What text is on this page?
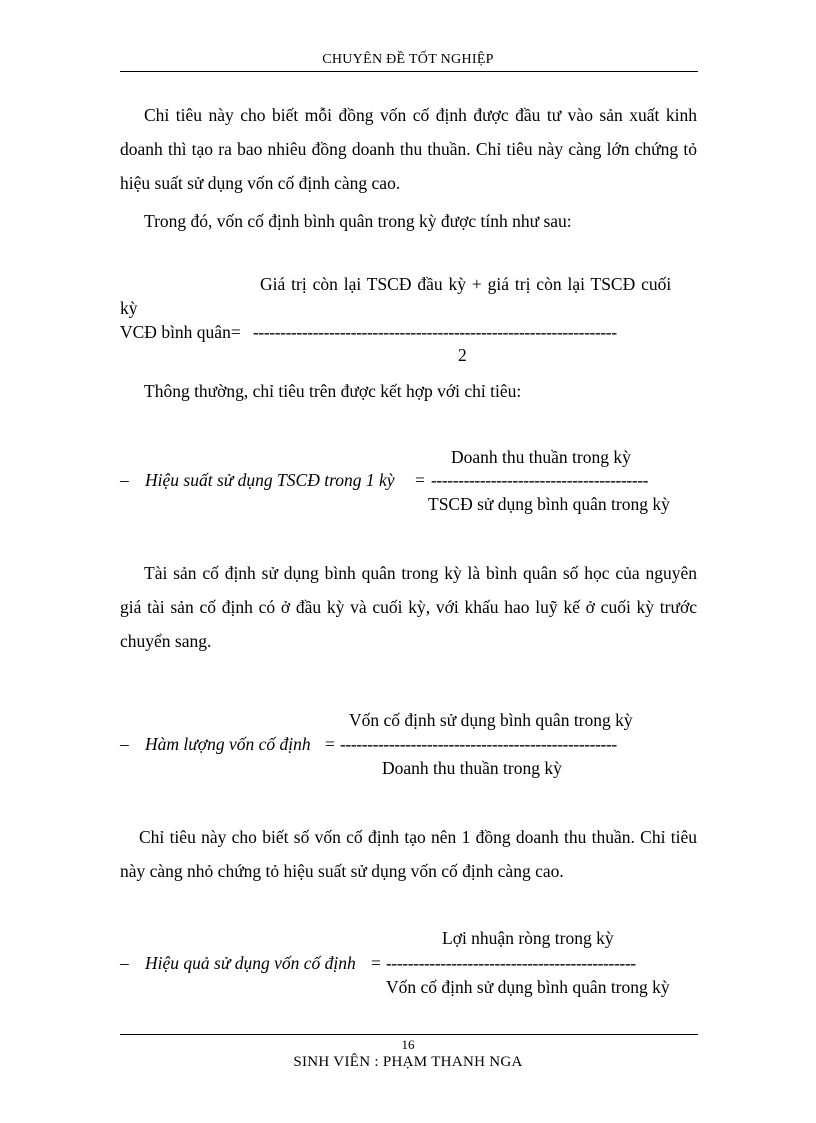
CHUYÊN ĐỀ TỐT NGHIỆP
Chỉ tiêu này cho biết mỗi đồng vốn cố định được đầu tư vào sản xuất kinh doanh thì tạo ra bao nhiêu đồng doanh thu thuần. Chỉ tiêu này càng lớn chứng tỏ hiệu suất sử dụng vốn cố định càng cao.
Trong đó, vốn cố định bình quân trong kỳ được tính như sau:
Giá trị còn lại TSCĐ đầu kỳ + giá trị còn lại TSCĐ cuối
kỳ
VCĐ bình quân= -------------------------------------------------------------------
2
Thông thường, chỉ tiêu trên được kết hợp với chỉ tiêu:
Doanh thu thuần trong kỳ
– Hiệu suất sử dụng TSCĐ trong 1 kỳ = ----------------------------------------
TSCĐ sử dụng bình quân trong kỳ
Tài sản cố định sử dụng bình quân trong kỳ là bình quân số học của nguyên giá tài sản cố định có ở đầu kỳ và cuối kỳ, với khấu hao luỹ kế ở cuối kỳ trước chuyển sang.
Vốn cố định sử dụng bình quân trong kỳ
– Hàm lượng vốn cố định = ---------------------------------------------------
Doanh thu thuần trong kỳ
Chỉ tiêu này cho biết số vốn cố định tạo nên 1 đồng doanh thu thuần. Chỉ tiêu này càng nhỏ chứng tỏ hiệu suất sử dụng vốn cố định càng cao.
Lợi nhuận ròng trong kỳ
– Hiệu quả sử dụng vốn cố định = ----------------------------------------------
Vốn cố định sử dụng bình quân trong kỳ
16
SINH VIÊN : PHẠM THANH NGA
